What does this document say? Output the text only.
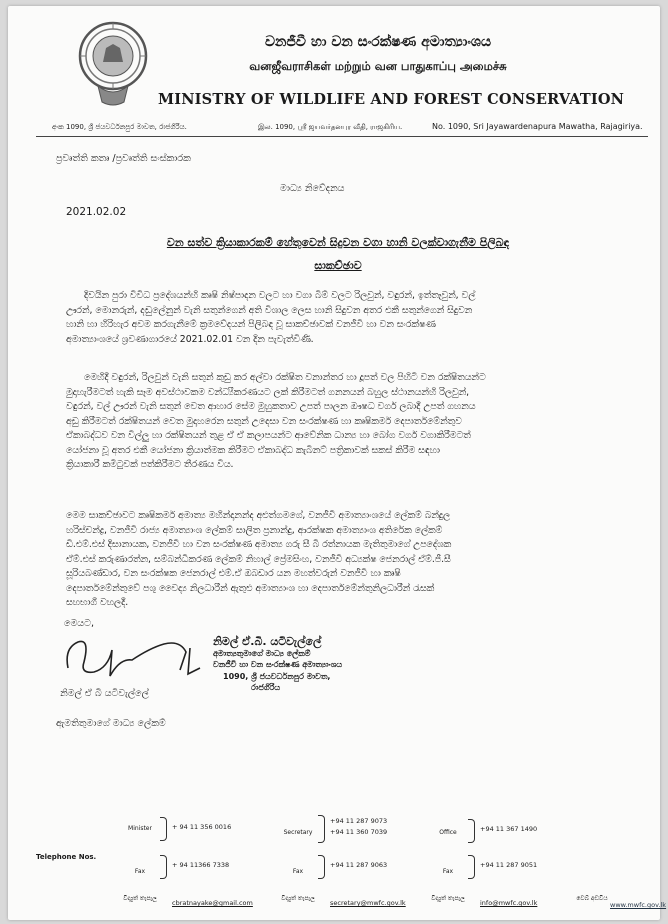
වනජීවී හා වන සංරක්ෂණ අමාත්‍යාංශය
வனஜீவராசிகள் மற்றும் வன பாதுகாப்பு அமைச்சு
MINISTRY OF WILDLIFE AND FOREST CONSERVATION
අංක 1090, ශ්‍රී ජයවර්ධනපුර මාවත, රාජගිරිය.	இல. 1090, ஸ்ரீ ஜயவர்தனபுர வீதி, ராஜகிரிய.	No. 1090, Sri Jayawardenapura Mawatha, Rajagiriya.
ප්‍රවෘත්ති කතෘ /ප්‍රවෘත්ති සංස්කාරක
මාධ්‍ය නිවේදනය
2021.02.02
වන සත්ව ක්‍රියාකාරකම් හේතුවෙන් සිදුවන වගා හානි වලක්වාගැනීම පිලිබඳ
සාකච්ඡාව
දිවයින පුරා විවිධ ප්‍රදේශයන්හි කෘෂි නිෂ්පාදන වලට හා වගා බිම් වලට රිලවුන්, වඳුරන්, ඉත්තෑවුන්, වල්
ඌරන්, මොනරුන්, දඬුලේනුන් වැනි සතුන්ගෙන් අති විශාල ලෙස හානි සිදුවන අතර එකී සතුන්ගෙන් සිදුවන
හානි හා හිරිහැර අවම කරගැනීමේ ක්‍රමවේදයන් පිලිබඳ වූ සාකච්ඡාවක් වනජීවී හා වන සංරක්ෂණ
අමාත්‍යාංශයේ ශ්‍රවණාගාරයේ 2021.02.01 වන දින පැවැත්විණි.
මෙහිදී වඳුරන්, රිලවුන් වැනි සතුන් කුඩු කර අල්වා රක්ෂිත වනාන්තර හා දූපත් වල පිහිටි වන රක්ෂිතයන්ට
මුදාහැරීමටත් හැකි සෑම අවස්ථාවකම වන්ධ්‍යීකරණයට ලක් කිරීමටත් ගනනයන් බහුල ස්ථානයන්හි රිලවුන්,
වඳුරන්, වල් ඌරන් වැනි සතුන් වෙත ආහාර සේම මුහුකතාව උපත් පාලන ඖෂධ වර්ග ලබාදී උපත් ගහනය
අඩු කිරීමටත් රක්ෂිතයන් වෙත මුදාහරෙන සතුන් උදෙසා වන සංරක්ෂණ හා කෘෂිකර්ම දෙපාර්තමේන්තුව
ඒකාබද්ධව වන විල්ලු හා රක්ෂිතයන් තුළ ඒ ඒ කලාපයන්ට ආවේනික ධාන්‍ය හා බෝග වර්ග වගාකිරීමටත්
යෝජනා වූ අතර එකී යෝජනා ක්‍රියාත්මක කිරීමට ඒකාබද්ධ කැබිනට් පත්‍රිකාවක් සකස් කිරීම සඳහා
ක්‍රියාකාරී කමිටුවක් පත්කිරීමට තීරණය විය.
මෙම සාකච්ඡාවට කෘෂිකර්ම අමාත්‍ය මහින්දානන්ද අළුත්ගමගේ, වනජීවී අමාත්‍යාංශයේ ලේකම් බන්දුල
හරිස්චන්ද්‍ර, වනජීවී රාජ්‍ය අමාත්‍යාංශ ලේකම් සාලිත ප්‍රනාන්දු, ආරක්ෂක අමාත්‍යාංශ අතිරේක ලේකම්
ඩී.එම්.එස් දිසානායක, වනජීවී හා වන සංරක්ෂණ අමාත්‍ය ගරු සී බී රත්නායක මැතිතුමාගේ උපදේශක
ඒම්.එස් කරුණාරත්න, සම්බන්ධීකරණ ලේකම් නිහාල් ප්‍රේමසිංහ, වනජීවී අධ්‍යක්ෂ ජෙනරාල් ඒම්.ජී.සී
සූරියබණ්ඩාර, වන සංරක්ෂක ජෙනරාල් එම්.ඒ ඔබඩාර යන මහත්වරුන් වනජීවී හා කෘෂි
දෙපාර්තමේන්තුවේ පශු වෛද්‍ය නිලධාරීන් ඇතුළු අමාත්‍යාංශ හා දෙපාර්තමේන්තුනිලධාරීන් රැසක්
සහභාගී වහලදී.
මෙයට,
නිමල් ඒ.බී. යටිවැල්ලේ
අමාත්‍යතුමාගේ මාධ්‍ය ලේකම්
වනජීවී හා වන සංරක්ෂණ අමාත්‍යාංශය
1090, ශ්‍රී ජයවර්ධනපුර මාවත,
රාජගිරිය
නිමල් ඒ බී යටිවැල්ලේ
ඇමතිතුමාගේ මාධ්‍ය ලේකම්
Telephone Nos.
Minister	+ 94 11 356 0016
Fax
+ 94 11366 7338
විද්‍යුත් තැපැල
cbratnayake@gmail.com
Secretary
+94 11 287 9073
+94 11 360 7039
Fax
+94 11 287 9063
විද්‍යුත් තැපැල
secretary@mwfc.gov.lk
Office	+94 11 367 1490
Fax
+94 11 287 9051
විද්‍යුත් තැපැල
info@mwfc.gov.lk
වෙබ් අඩවිය
www.mwfc.gov.lk
